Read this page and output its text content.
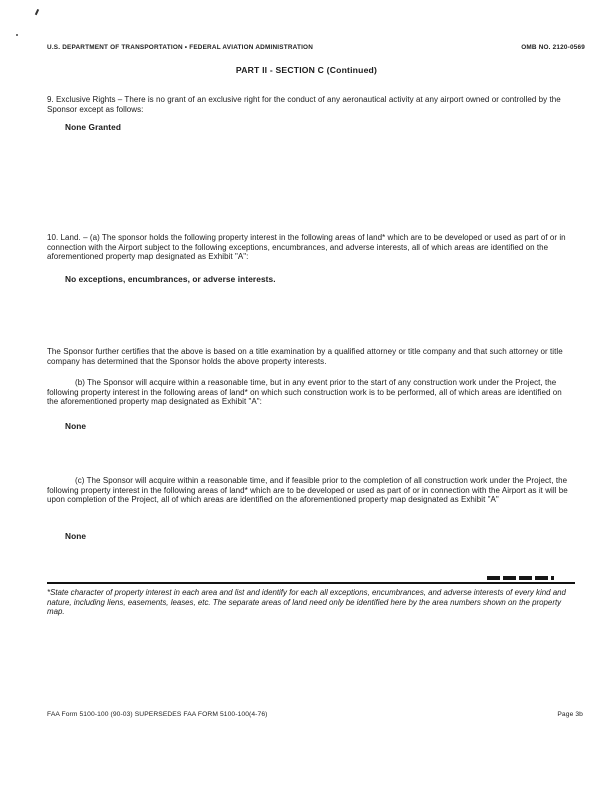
U.S. DEPARTMENT OF TRANSPORTATION • FEDERAL AVIATION ADMINISTRATION	OMB NO. 2120-0569
PART II - SECTION C (Continued)
9. Exclusive Rights – There is no grant of an exclusive right for the conduct of any aeronautical activity at any airport owned or controlled by the Sponsor except as follows:
None Granted
10. Land. – (a) The sponsor holds the following property interest in the following areas of land* which are to be developed or used as part of or in connection with the Airport subject to the following exceptions, encumbrances, and adverse interests, all of which areas are identified on the aforementioned property map designated as Exhibit "A":
No exceptions, encumbrances, or adverse interests.
The Sponsor further certifies that the above is based on a title examination by a qualified attorney or title company and that such attorney or title company has determined that the Sponsor holds the above property interests.
(b) The Sponsor will acquire within a reasonable time, but in any event prior to the start of any construction work under the Project, the following property interest in the following areas of land* on which such construction work is to be performed, all of which areas are identified on the aforementioned property map designated as Exhibit "A":
None
(c) The Sponsor will acquire within a reasonable time, and if feasible prior to the completion of all construction work under the Project, the following property interest in the following areas of land* which are to be developed or used as part of or in connection with the Airport as it will be upon completion of the Project, all of which areas are identified on the aforementioned property map designated as Exhibit "A"
None
*State character of property interest in each area and list and identify for each all exceptions, encumbrances, and adverse interests of every kind and nature, including liens, easements, leases, etc. The separate areas of land need only be identified here by the area numbers shown on the property map.
FAA Form 5100-100 (90-03) SUPERSEDES FAA FORM 5100-100(4-76)	Page 3b
